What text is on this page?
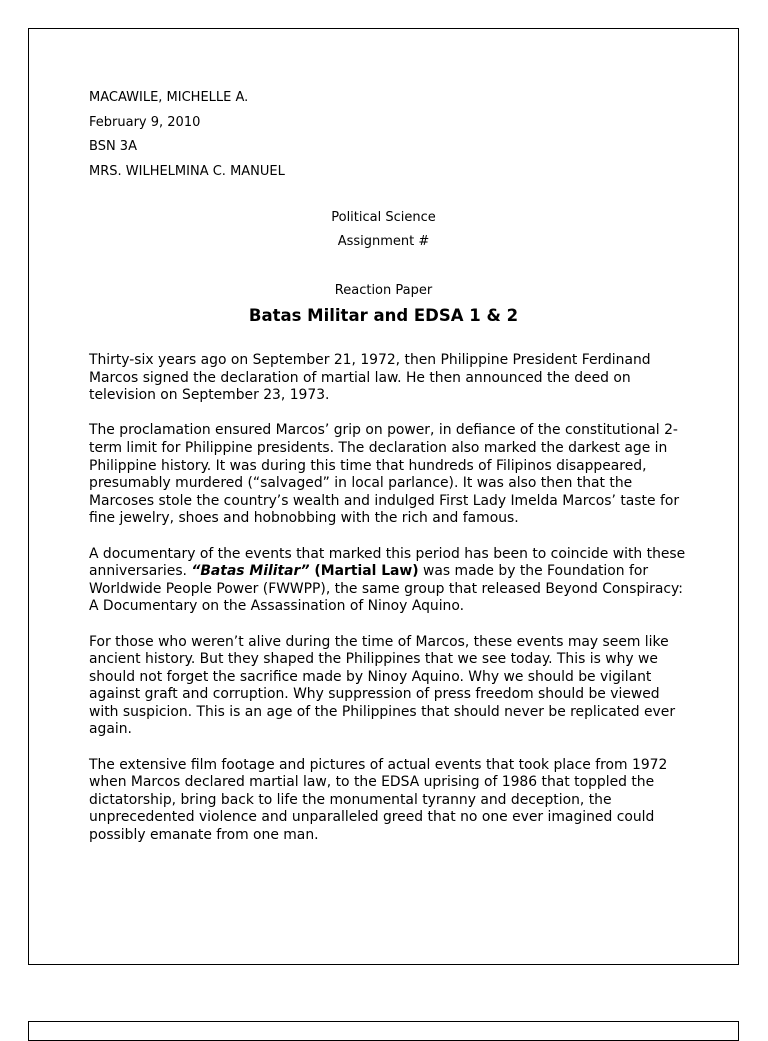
MACAWILE, MICHELLE A.
February 9, 2010
BSN 3A
MRS. WILHELMINA C. MANUEL
Political Science
Assignment #
Reaction Paper
Batas Militar and EDSA 1 & 2

Thirty-six years ago on September 21, 1972, then Philippine President Ferdinand Marcos signed the declaration of martial law. He then announced the deed on television on September 23, 1973.

The proclamation ensured Marcos’ grip on power, in defiance of the constitutional 2-term limit for Philippine presidents. The declaration also marked the darkest age in Philippine history. It was during this time that hundreds of Filipinos disappeared, presumably murdered (“salvaged” in local parlance). It was also then that the Marcoses stole the country’s wealth and indulged First Lady Imelda Marcos’ taste for fine jewelry, shoes and hobnobbing with the rich and famous.

A documentary of the events that marked this period has been to coincide with these anniversaries. “Batas Militar” (Martial Law) was made by the Foundation for Worldwide People Power (FWWPP), the same group that released Beyond Conspiracy: A Documentary on the Assassination of Ninoy Aquino.

For those who weren’t alive during the time of Marcos, these events may seem like ancient history. But they shaped the Philippines that we see today. This is why we should not forget the sacrifice made by Ninoy Aquino. Why we should be vigilant against graft and corruption. Why suppression of press freedom should be viewed with suspicion. This is an age of the Philippines that should never be replicated ever again.

The extensive film footage and pictures of actual events that took place from 1972 when Marcos declared martial law, to the EDSA uprising of 1986 that toppled the dictatorship, bring back to life the monumental tyranny and deception, the unprecedented violence and unparalleled greed that no one ever imagined could possibly emanate from one man.
